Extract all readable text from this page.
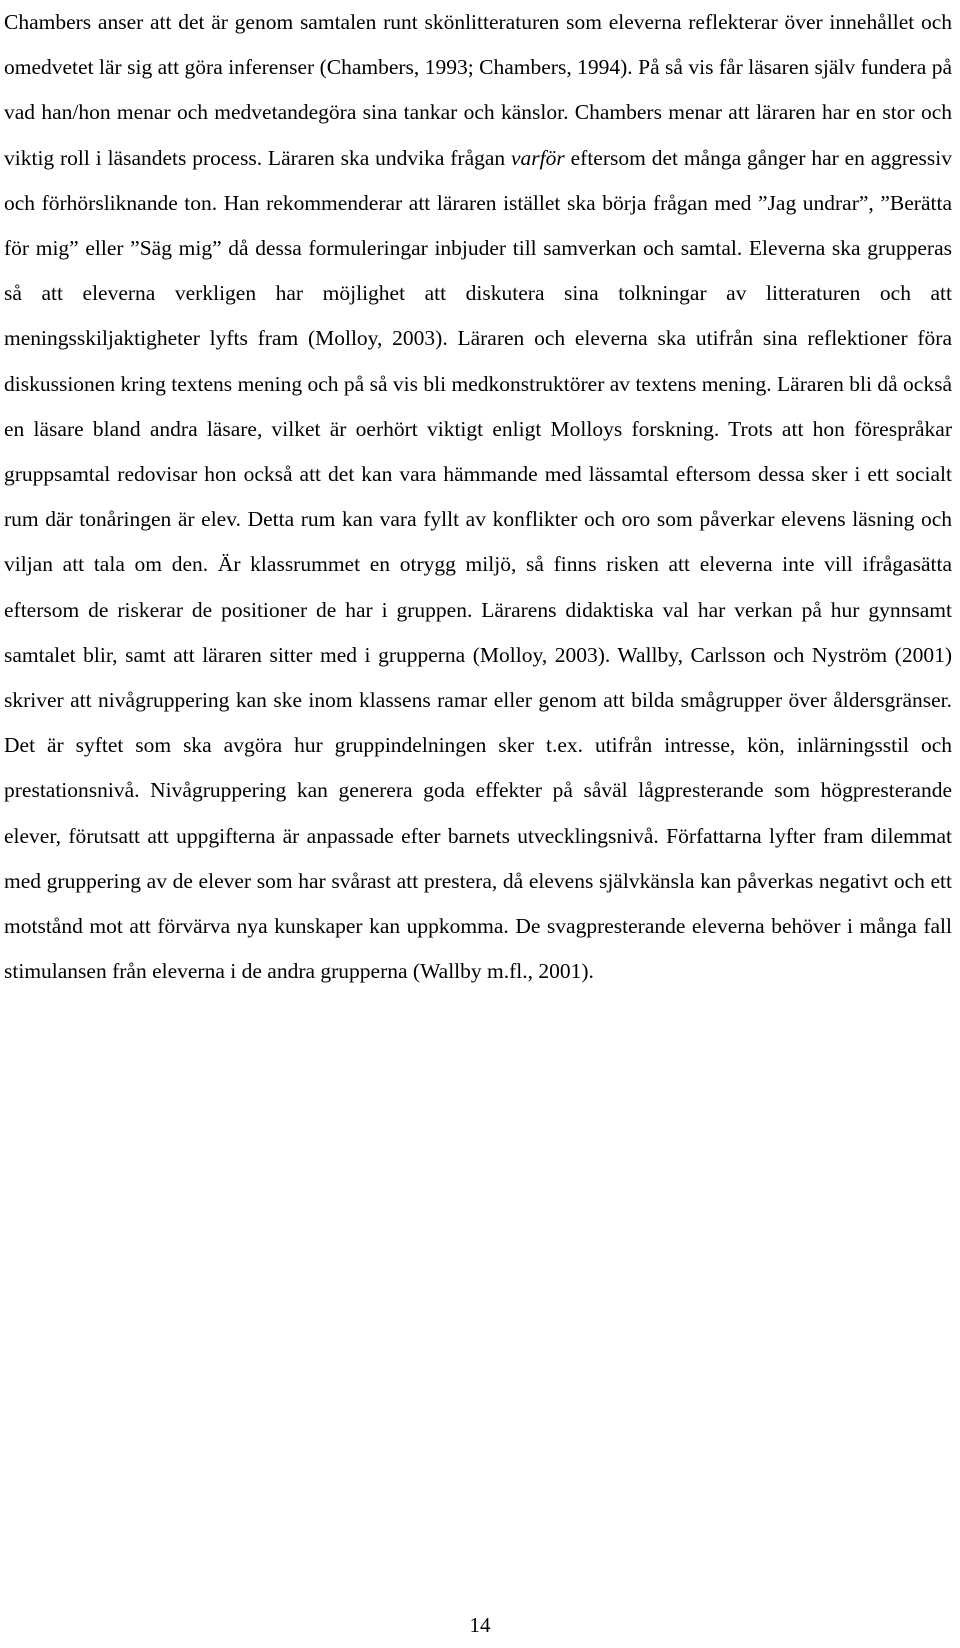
Chambers anser att det är genom samtalen runt skönlitteraturen som eleverna reflekterar över innehållet och omedvetet lär sig att göra inferenser (Chambers, 1993; Chambers, 1994). På så vis får läsaren själv fundera på vad han/hon menar och medvetandegöra sina tankar och känslor. Chambers menar att läraren har en stor och viktig roll i läsandets process. Läraren ska undvika frågan varför eftersom det många gånger har en aggressiv och förhörsliknande ton. Han rekommenderar att läraren istället ska börja frågan med ”Jag undrar”, ”Berätta för mig” eller ”Säg mig” då dessa formuleringar inbjuder till samverkan och samtal. Eleverna ska grupperas så att eleverna verkligen har möjlighet att diskutera sina tolkningar av litteraturen och att meningsskiljaktigheter lyfts fram (Molloy, 2003). Läraren och eleverna ska utifrån sina reflektioner föra diskussionen kring textens mening och på så vis bli medkonstruktörer av textens mening. Läraren bli då också en läsare bland andra läsare, vilket är oerhört viktigt enligt Molloys forskning. Trots att hon förespråkar gruppsamtal redovisar hon också att det kan vara hämmande med lässamtal eftersom dessa sker i ett socialt rum där tonåringen är elev. Detta rum kan vara fyllt av konflikter och oro som påverkar elevens läsning och viljan att tala om den. Är klassrummet en otrygg miljö, så finns risken att eleverna inte vill ifrågasätta eftersom de riskerar de positioner de har i gruppen. Lärarens didaktiska val har verkan på hur gynnsamt samtalet blir, samt att läraren sitter med i grupperna (Molloy, 2003). Wallby, Carlsson och Nyström (2001) skriver att nivågruppering kan ske inom klassens ramar eller genom att bilda smågrupper över åldersgränser. Det är syftet som ska avgöra hur gruppindelningen sker t.ex. utifrån intresse, kön, inlärningsstil och prestationsnivå. Nivågruppering kan generera goda effekter på såväl lågpresterande som högpresterande elever, förutsatt att uppgifterna är anpassade efter barnets utvecklingsnivå. Författarna lyfter fram dilemmat med gruppering av de elever som har svårast att prestera, då elevens självkänsla kan påverkas negativt och ett motstånd mot att förvärva nya kunskaper kan uppkomma. De svagpresterande eleverna behöver i många fall stimulansen från eleverna i de andra grupperna (Wallby m.fl., 2001).

14
